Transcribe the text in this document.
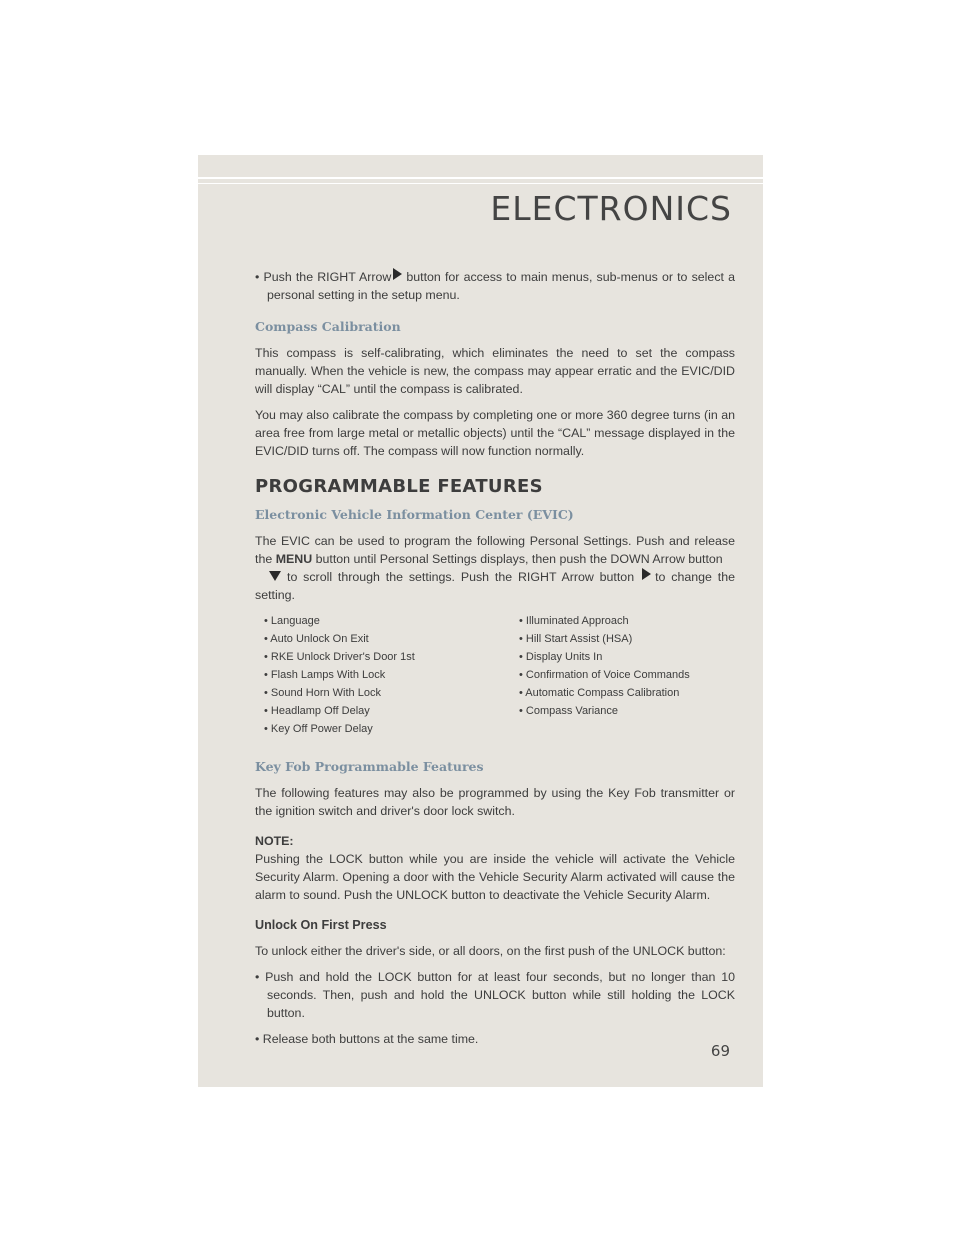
ELECTRONICS

• Push the RIGHT Arrow button for access to main menus, sub-menus or to select a personal setting in the setup menu.

Compass Calibration

This compass is self-calibrating, which eliminates the need to set the compass manually. When the vehicle is new, the compass may appear erratic and the EVIC/DID will display “CAL” until the compass is calibrated.

You may also calibrate the compass by completing one or more 360 degree turns (in an area free from large metal or metallic objects) until the “CAL” message displayed in the EVIC/DID turns off. The compass will now function normally.

PROGRAMMABLE FEATURES
Electronic Vehicle Information Center (EVIC)

The EVIC can be used to program the following Personal Settings. Push and release the MENU button until Personal Settings displays, then push the DOWN Arrow button
to scroll through the settings. Push the RIGHT Arrow button to change the setting.

• Language	• Illuminated Approach
• Auto Unlock On Exit	• Hill Start Assist (HSA)
• RKE Unlock Driver's Door 1st	• Display Units In
• Flash Lamps With Lock	• Confirmation of Voice Commands
• Sound Horn With Lock	• Automatic Compass Calibration
• Headlamp Off Delay	• Compass Variance
• Key Off Power Delay
Key Fob Programmable Features

The following features may also be programmed by using the Key Fob transmitter or the ignition switch and driver's door lock switch.

NOTE:

Pushing the LOCK button while you are inside the vehicle will activate the Vehicle Security Alarm. Opening a door with the Vehicle Security Alarm activated will cause the alarm to sound. Push the UNLOCK button to deactivate the Vehicle Security Alarm.

Unlock On First Press

To unlock either the driver's side, or all doors, on the first push of the UNLOCK button:

• Push and hold the LOCK button for at least four seconds, but no longer than 10 seconds. Then, push and hold the UNLOCK button while still holding the LOCK button.

• Release both buttons at the same time.

69
